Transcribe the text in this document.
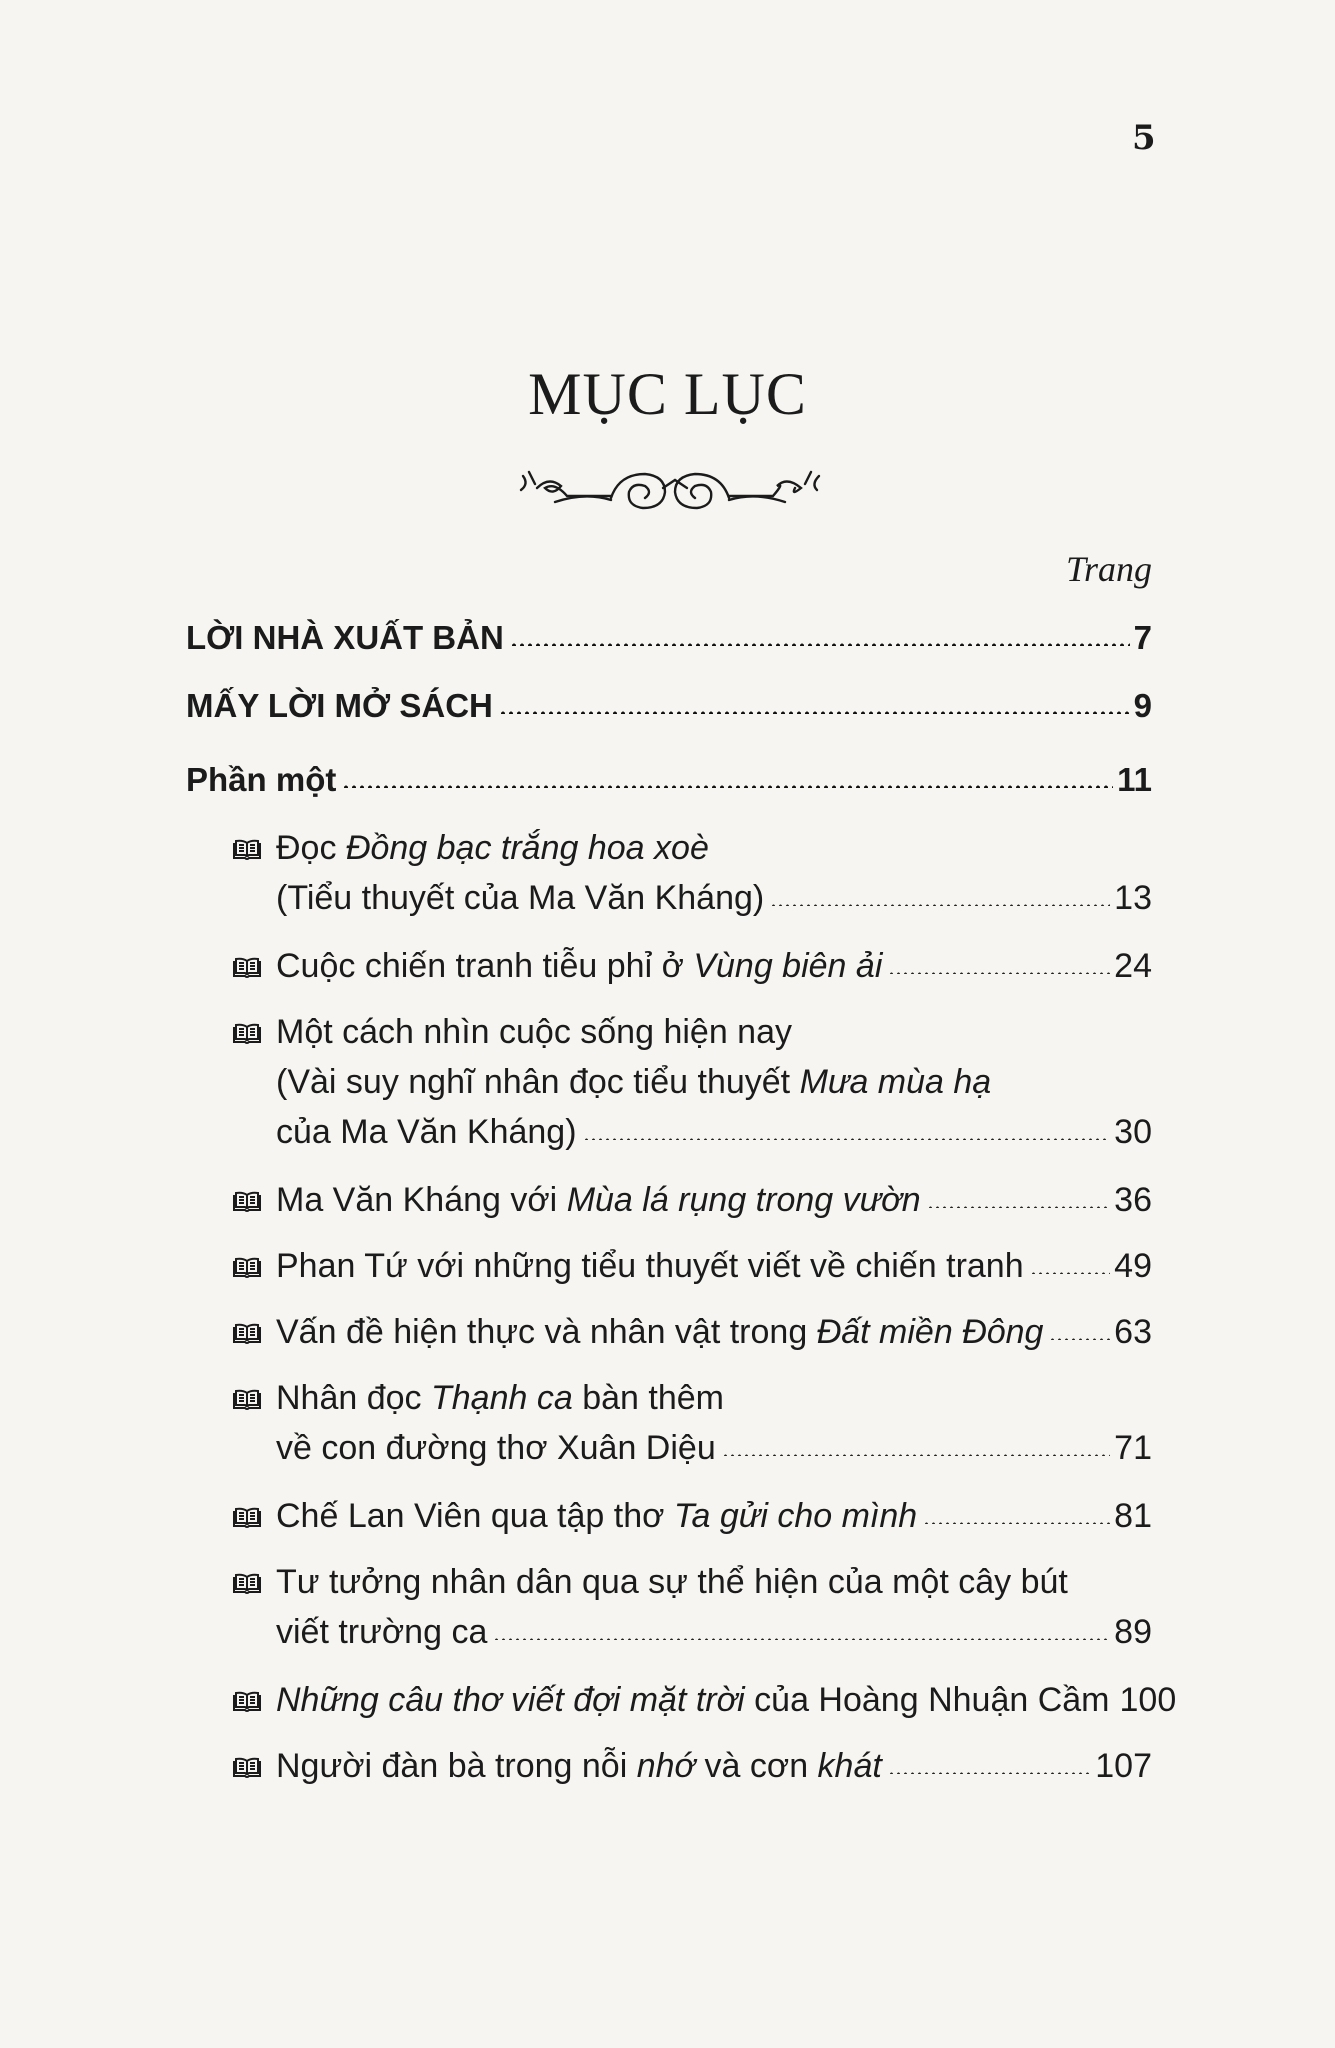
5
MỤC LỤC
Trang
LỜI NHÀ XUẤT BẢN	7
MẤY LỜI MỞ SÁCH	9
Phần một	11
Đọc Đồng bạc trắng hoa xoè
(Tiểu thuyết của Ma Văn Kháng)	13
Cuộc chiến tranh tiễu phỉ ở Vùng biên ải	24
Một cách nhìn cuộc sống hiện nay
(Vài suy nghĩ nhân đọc tiểu thuyết Mưa mùa hạ
của Ma Văn Kháng)	30
Ma Văn Kháng với Mùa lá rụng trong vườn	36
Phan Tứ với những tiểu thuyết viết về chiến tranh	49
Vấn đề hiện thực và nhân vật trong Đất miền Đông 63
Nhân đọc Thạnh ca bàn thêm
về con đường thơ Xuân Diệu	71
Chế Lan Viên qua tập thơ Ta gửi cho mình	81
Tư tưởng nhân dân qua sự thể hiện của một cây bút
viết trường ca	89
Những câu thơ viết đợi mặt trời của Hoàng Nhuận Cầm 100
Người đàn bà trong nỗi nhớ và cơn khát	107
